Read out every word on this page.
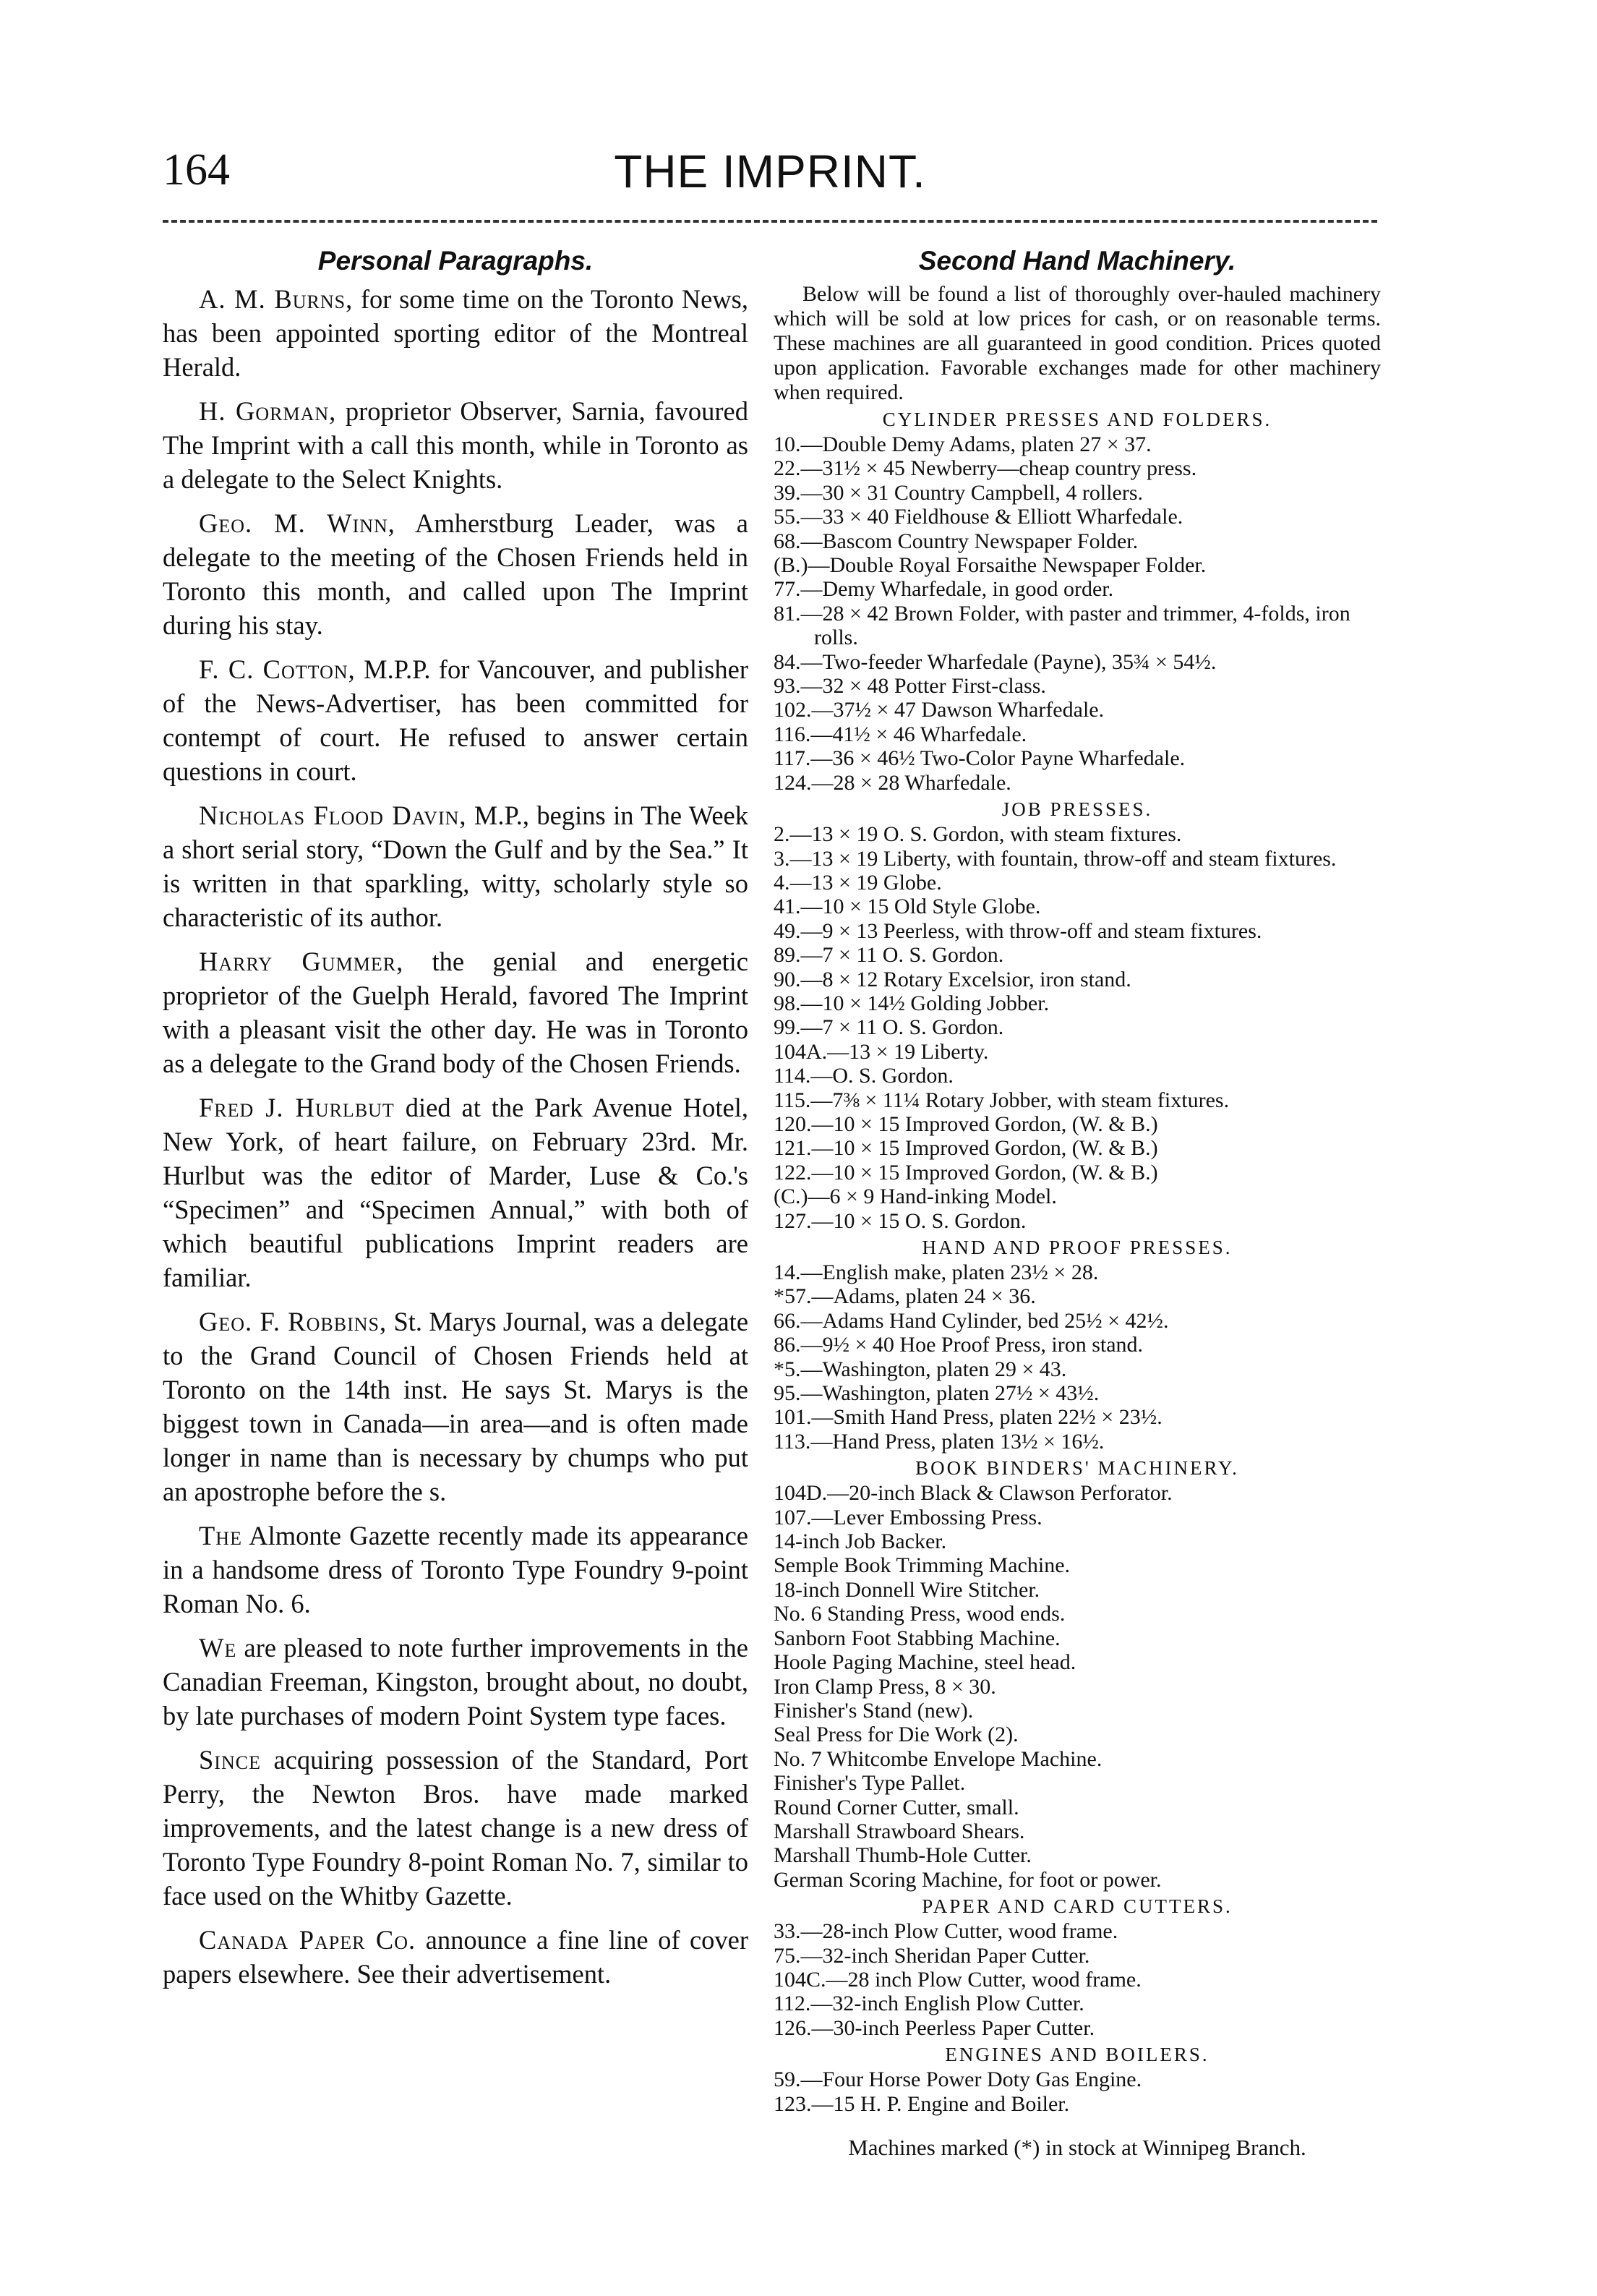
THE IMPRINT.
164
Personal Paragraphs.

A. M. Burns, for some time on the Toronto News, has been appointed sporting editor of the Montreal Herald.

H. Gorman, proprietor Observer, Sarnia, favoured The Imprint with a call this month, while in Toronto as a delegate to the Select Knights.

Geo. M. Winn, Amherstburg Leader, was a delegate to the meeting of the Chosen Friends held in Toronto this month, and called upon The Imprint during his stay.

F. C. Cotton, M.P.P. for Vancouver, and publisher of the News-Advertiser, has been committed for contempt of court. He refused to answer certain questions in court.

Nicholas Flood Davin, M.P., begins in The Week a short serial story, “Down the Gulf and by the Sea.” It is written in that sparkling, witty, scholarly style so characteristic of its author.

Harry Gummer, the genial and energetic proprietor of the Guelph Herald, favored The Imprint with a pleasant visit the other day. He was in Toronto as a delegate to the Grand body of the Chosen Friends.

Fred J. Hurlbut died at the Park Avenue Hotel, New York, of heart failure, on February 23rd. Mr. Hurlbut was the editor of Marder, Luse & Co.'s “Specimen” and “Specimen Annual,” with both of which beautiful publications Imprint readers are familiar.

Geo. F. Robbins, St. Marys Journal, was a delegate to the Grand Council of Chosen Friends held at Toronto on the 14th inst. He says St. Marys is the biggest town in Canada—in area—and is often made longer in name than is necessary by chumps who put an apostrophe before the s.

The Almonte Gazette recently made its appearance in a handsome dress of Toronto Type Foundry 9-point Roman No. 6.

We are pleased to note further improvements in the Canadian Freeman, Kingston, brought about, no doubt, by late purchases of modern Point System type faces.

Since acquiring possession of the Standard, Port Perry, the Newton Bros. have made marked improvements, and the latest change is a new dress of Toronto Type Foundry 8-point Roman No. 7, similar to face used on the Whitby Gazette.

Canada Paper Co. announce a fine line of cover papers elsewhere. See their advertisement.

Second Hand Machinery.
Below will be found a list of thoroughly over-hauled machinery which will be sold at low prices for cash, or on reasonable terms. These machines are all guaranteed in good condition. Prices quoted upon application. Favorable exchanges made for other machinery when required.
CYLINDER PRESSES AND FOLDERS.
10.—Double Demy Adams, platen 27 × 37.
22.—31½ × 45 Newberry—cheap country press.
39.—30 × 31 Country Campbell, 4 rollers.
55.—33 × 40 Fieldhouse & Elliott Wharfedale.
68.—Bascom Country Newspaper Folder.
(B.)—Double Royal Forsaithe Newspaper Folder.
77.—Demy Wharfedale, in good order.
81.—28 × 42 Brown Folder, with paster and trimmer, 4-folds, iron rolls.
84.—Two-feeder Wharfedale (Payne), 35¾ × 54½.
93.—32 × 48 Potter First-class.
102.—37½ × 47 Dawson Wharfedale.
116.—41½ × 46 Wharfedale.
117.—36 × 46½ Two-Color Payne Wharfedale.
124.—28 × 28 Wharfedale.
JOB PRESSES.
2.—13 × 19 O. S. Gordon, with steam fixtures.
3.—13 × 19 Liberty, with fountain, throw-off and steam fixtures.
4.—13 × 19 Globe.
41.—10 × 15 Old Style Globe.
49.—9 × 13 Peerless, with throw-off and steam fixtures.
89.—7 × 11 O. S. Gordon.
90.—8 × 12 Rotary Excelsior, iron stand.
98.—10 × 14½ Golding Jobber.
99.—7 × 11 O. S. Gordon.
104A.—13 × 19 Liberty.
114.—O. S. Gordon.
115.—7⅜ × 11¼ Rotary Jobber, with steam fixtures.
120.—10 × 15 Improved Gordon, (W. & B.)
121.—10 × 15 Improved Gordon, (W. & B.)
122.—10 × 15 Improved Gordon, (W. & B.)
(C.)—6 × 9 Hand-inking Model.
127.—10 × 15 O. S. Gordon.
HAND AND PROOF PRESSES.
14.—English make, platen 23½ × 28.
*57.—Adams, platen 24 × 36.
66.—Adams Hand Cylinder, bed 25½ × 42½.
86.—9½ × 40 Hoe Proof Press, iron stand.
*5.—Washington, platen 29 × 43.
95.—Washington, platen 27½ × 43½.
101.—Smith Hand Press, platen 22½ × 23½.
113.—Hand Press, platen 13½ × 16½.
BOOK BINDERS' MACHINERY.
104D.—20-inch Black & Clawson Perforator.
107.—Lever Embossing Press.
14-inch Job Backer.
Semple Book Trimming Machine.
18-inch Donnell Wire Stitcher.
No. 6 Standing Press, wood ends.
Sanborn Foot Stabbing Machine.
Hoole Paging Machine, steel head.
Iron Clamp Press, 8 × 30.
Finisher's Stand (new).
Seal Press for Die Work (2).
No. 7 Whitcombe Envelope Machine.
Finisher's Type Pallet.
Round Corner Cutter, small.
Marshall Strawboard Shears.
Marshall Thumb-Hole Cutter.
German Scoring Machine, for foot or power.
PAPER AND CARD CUTTERS.
33.—28-inch Plow Cutter, wood frame.
75.—32-inch Sheridan Paper Cutter.
104C.—28 inch Plow Cutter, wood frame.
112.—32-inch English Plow Cutter.
126.—30-inch Peerless Paper Cutter.
ENGINES AND BOILERS.
59.—Four Horse Power Doty Gas Engine.
123.—15 H. P. Engine and Boiler.
Machines marked (*) in stock at Winnipeg Branch.
